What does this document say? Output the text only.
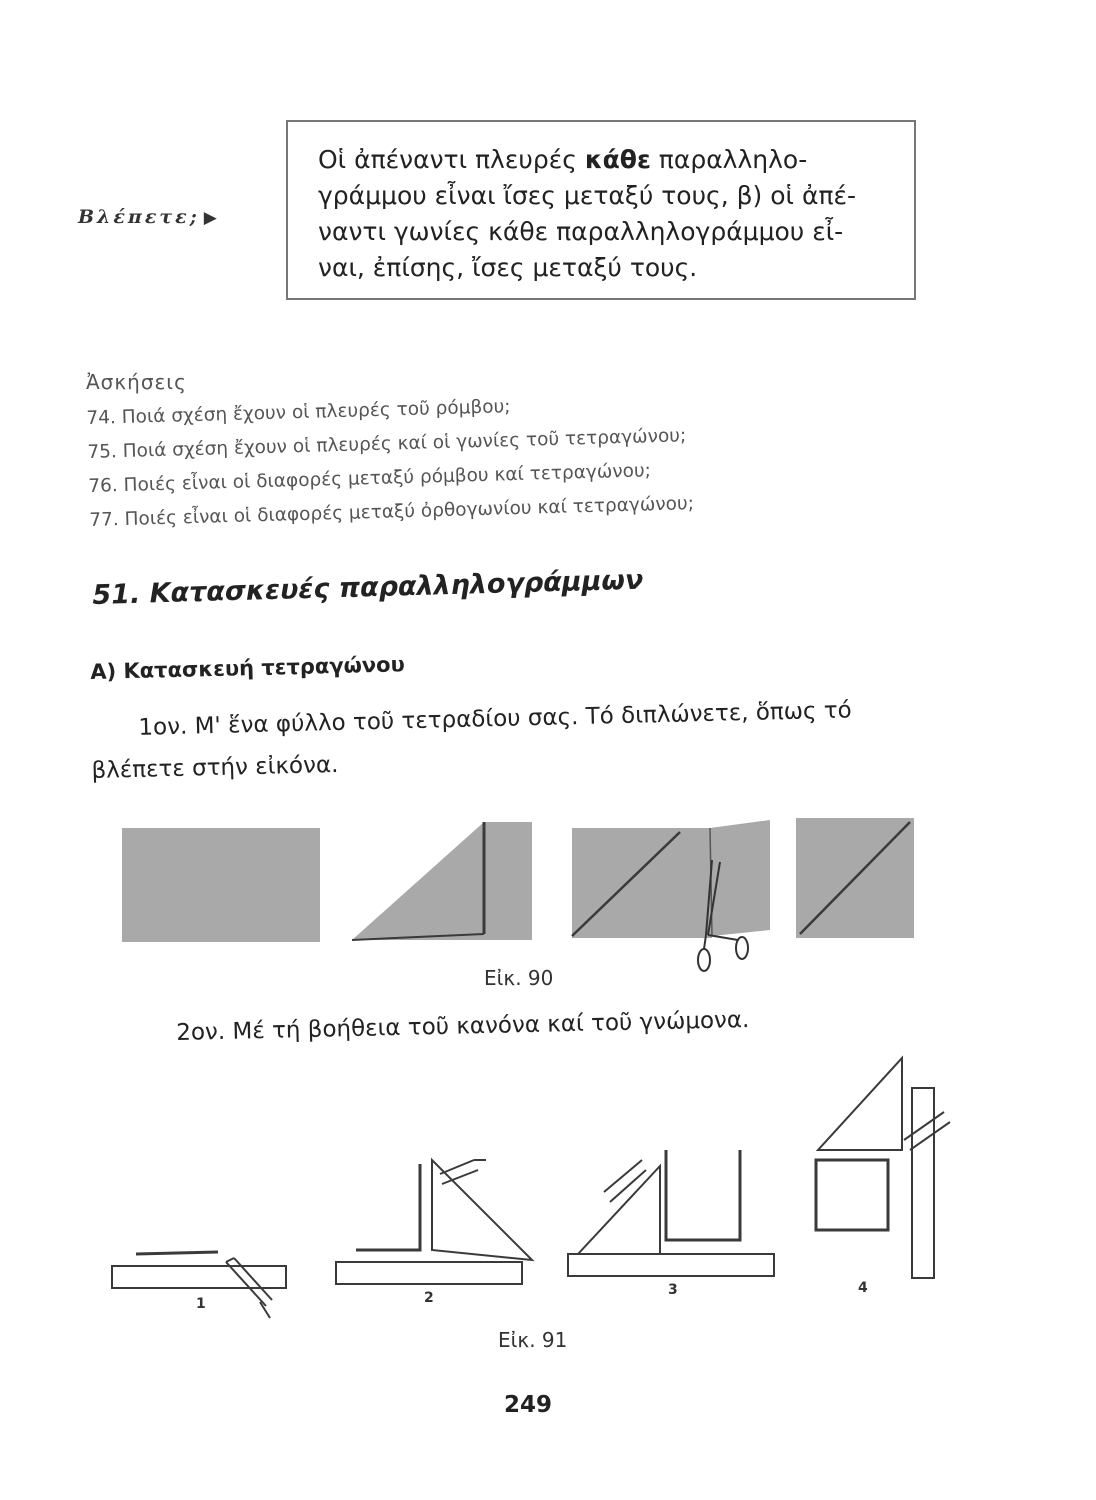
Βλέπετε; ▶
Οἱ ἀπέναντι πλευρές κάθε παραλληλο-
γράμμου εἶναι ἴσες μεταξύ τους, β) οἱ ἀπέ-
ναντι γωνίες κάθε παραλληλογράμμου εἶ-
ναι, ἐπίσης, ἴσες μεταξύ τους.
Ἀσκήσεις
74. Ποιά σχέση ἔχουν οἱ πλευρές τοῦ ρόμβου;
75. Ποιά σχέση ἔχουν οἱ πλευρές καί οἱ γωνίες τοῦ τετραγώνου;
76. Ποιές εἶναι οἱ διαφορές μεταξύ ρόμβου καί τετραγώνου;
77. Ποιές εἶναι οἱ διαφορές μεταξύ ὀρθογωνίου καί τετραγώνου;
51. Κατασκευές παραλληλογράμμων
Α) Κατασκευή τετραγώνου
1ον. Μ' ἕνα φύλλο τοῦ τετραδίου σας. Τό διπλώνετε, ὅπως τό
βλέπετε στήν εἰκόνα.
Εἰκ. 90
2ον. Μέ τή βοήθεια τοῦ κανόνα καί τοῦ γνώμονα.
1	2	3	4
Εἰκ. 91
249
